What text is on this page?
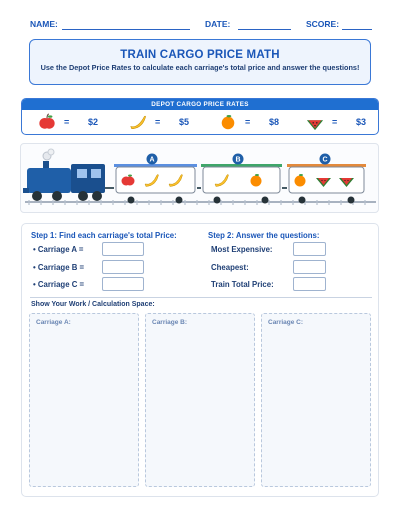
NAME:	DATE:	SCORE:
TRAIN CARGO PRICE MATH
Use the Depot Price Rates to calculate each carriage's total price and answer the questions!
DEPOT CARGO PRICE RATES
= $2	= $5	= $8	= $3
A	B	C
Step 1: Find each carriage's total Price:
• Carriage A =
• Carriage B =
• Carriage C =
Step 2: Answer the questions:
Most Expensive:
Cheapest:
Train Total Price:
Show Your Work / Calculation Space:
Carriage A:	Carriage B:	Carriage C:
